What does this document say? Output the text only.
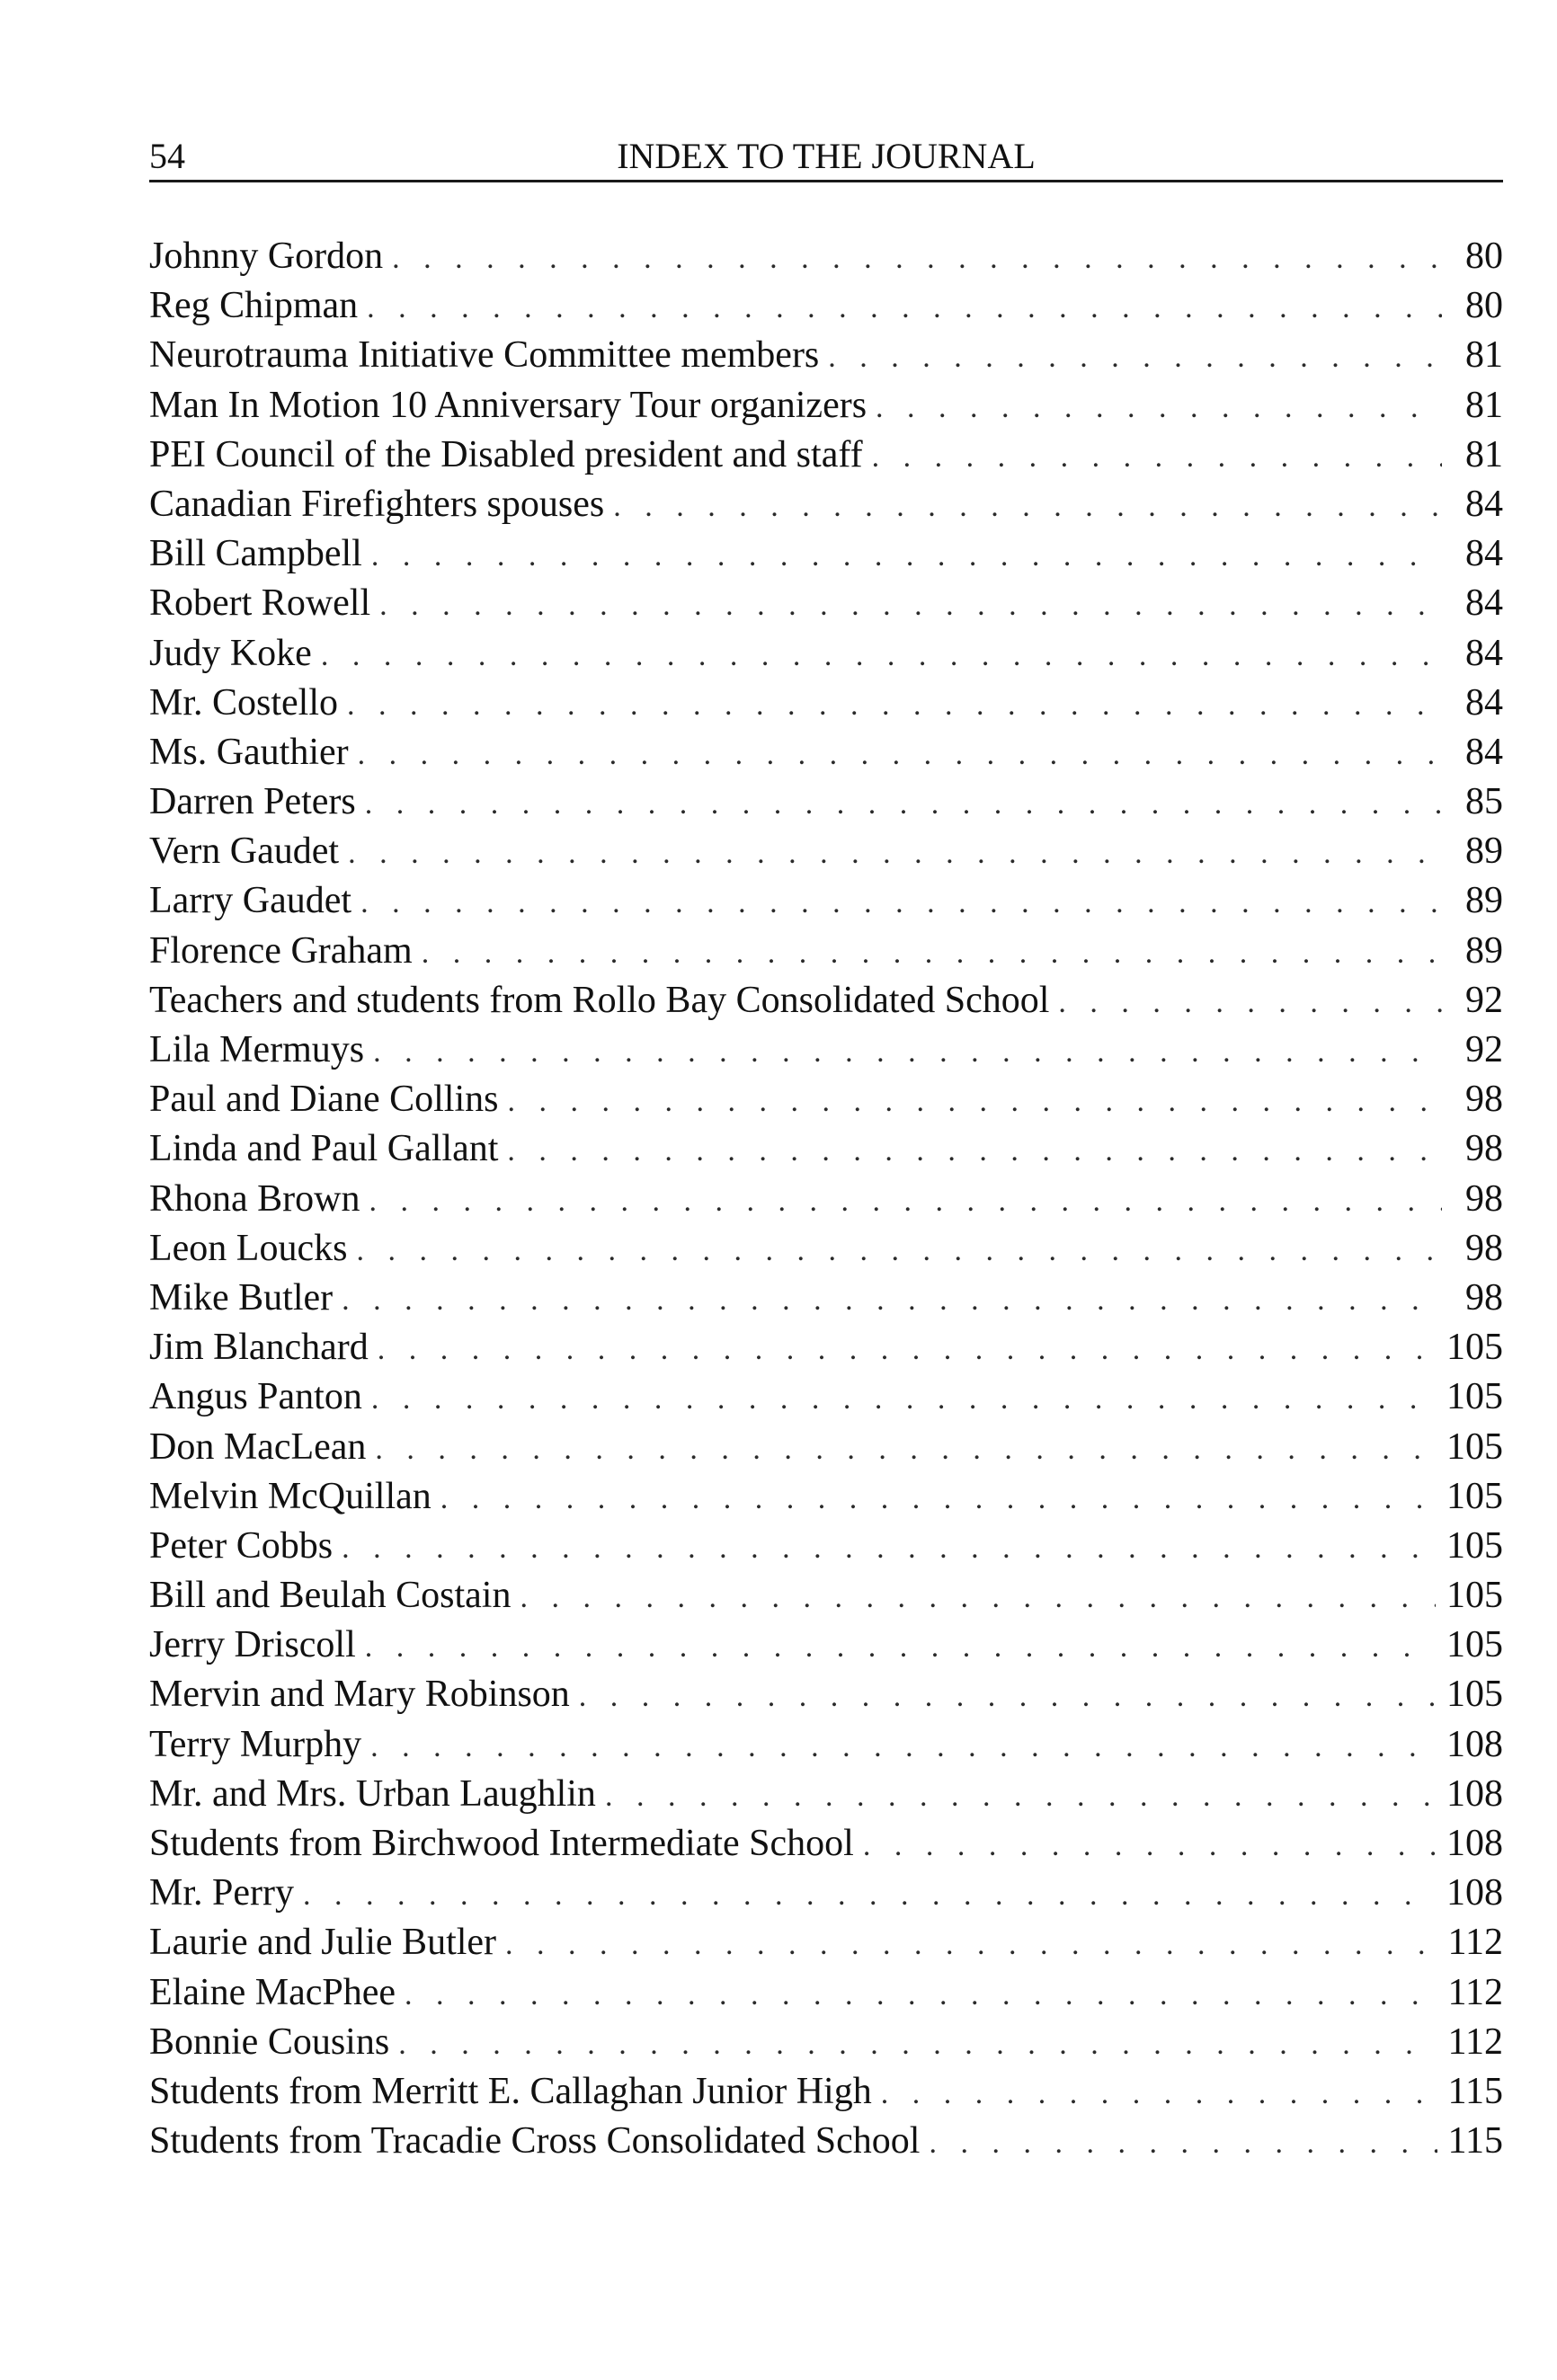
54	INDEX TO THE JOURNAL
Johnny Gordon . . .	80
Reg Chipman . . .	80
Neurotrauma Initiative Committee members . . .	81
Man In Motion 10 Anniversary Tour organizers . . .	81
PEI Council of the Disabled president and staff . . .	81
Canadian Firefighters spouses . . .	84
Bill Campbell . . .	84
Robert Rowell . . .	84
Judy Koke . . .	84
Mr. Costello . . .	84
Ms. Gauthier . . .	84
Darren Peters . . .	85
Vern Gaudet . . .	89
Larry Gaudet . . .	89
Florence Graham . . .	89
Teachers and students from Rollo Bay Consolidated School . . .	92
Lila Mermuys . . .	92
Paul and Diane Collins . . .	98
Linda and Paul Gallant . . .	98
Rhona Brown . . .	98
Leon Loucks . . .	98
Mike Butler . . .	98
Jim Blanchard . . .	105
Angus Panton . . .	105
Don MacLean . . .	105
Melvin McQuillan . . .	105
Peter Cobbs . . .	105
Bill and Beulah Costain . . .	105
Jerry Driscoll . . .	105
Mervin and Mary Robinson . . .	105
Terry Murphy . . .	108
Mr. and Mrs. Urban Laughlin . . .	108
Students from Birchwood Intermediate School . . .	108
Mr. Perry . . .	108
Laurie and Julie Butler . . .	112
Elaine MacPhee . . .	112
Bonnie Cousins . . .	112
Students from Merritt E. Callaghan Junior High . . .	115
Students from Tracadie Cross Consolidated School . . .	115
